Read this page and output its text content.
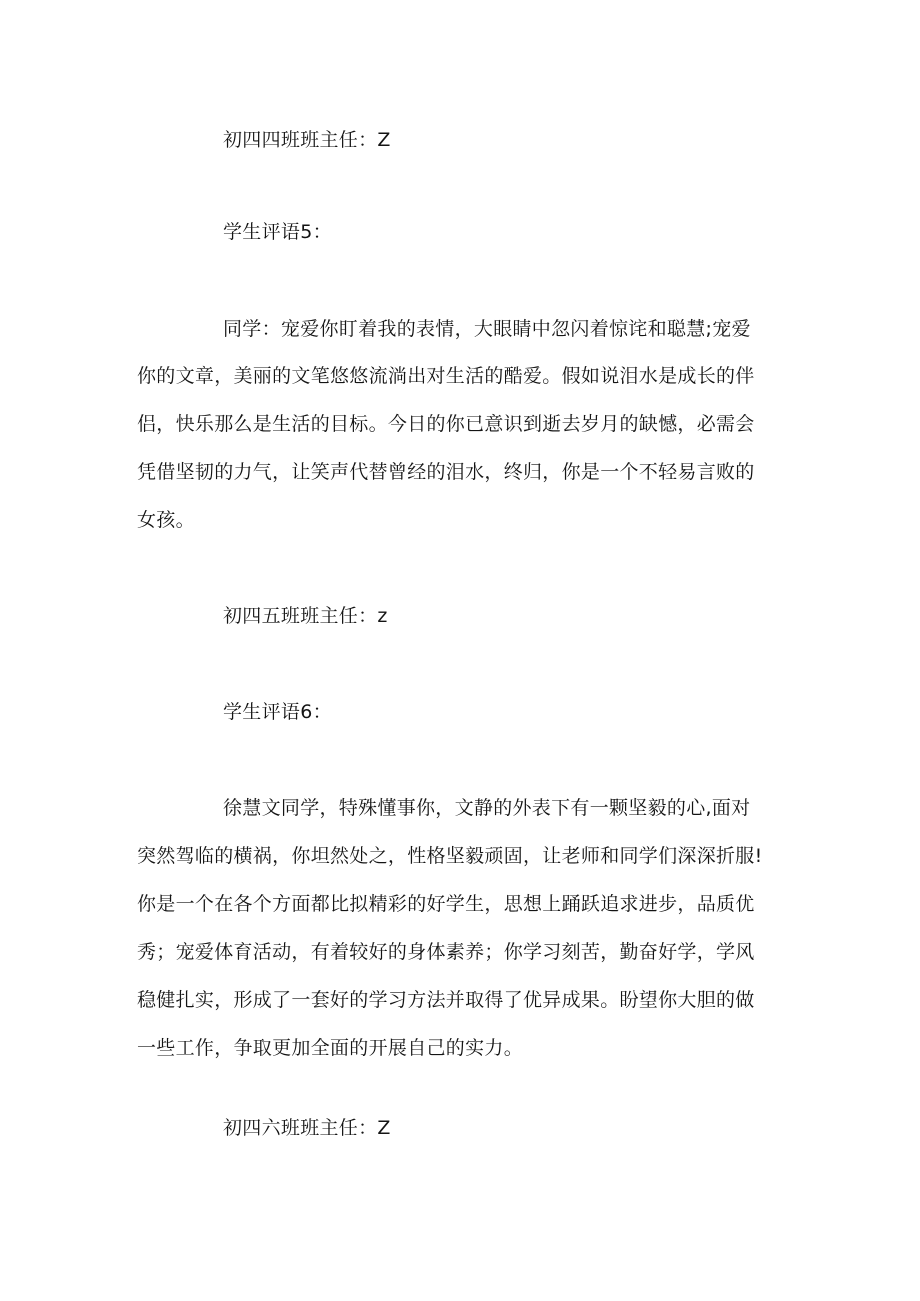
初四四班班主任：Z
学生评语5：
同学：宠爱你盯着我的表情，大眼睛中忽闪着惊诧和聪慧;宠爱
你的文章，美丽的文笔悠悠流淌出对生活的酷爱。假如说泪水是成长的伴
侣，快乐那么是生活的目标。今日的你已意识到逝去岁月的缺憾，必需会
凭借坚韧的力气，让笑声代替曾经的泪水，终归，你是一个不轻易言败的
女孩。
初四五班班主任：z
学生评语6：
徐慧文同学，特殊懂事你，文静的外表下有一颗坚毅的心,面对
突然驾临的横祸，你坦然处之，性格坚毅顽固，让老师和同学们深深折服!
你是一个在各个方面都比拟精彩的好学生，思想上踊跃追求进步，品质优
秀；宠爱体育活动，有着较好的身体素养；你学习刻苦，勤奋好学，学风
稳健扎实，形成了一套好的学习方法并取得了优异成果。盼望你大胆的做
一些工作，争取更加全面的开展自己的实力。
初四六班班主任：Z
